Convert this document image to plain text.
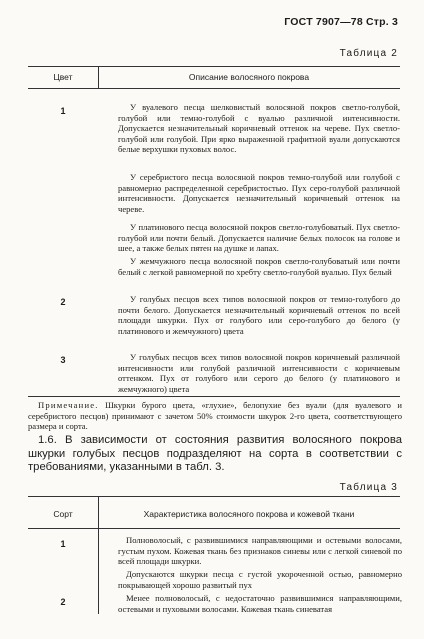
ГОСТ 7907—78 Стр. 3
Таблица 2
Цвет	Описание волосяного покрова
1	У вуалевого песца шелковистый волосяной покров светло-голубой, голубой или темно-голубой с вуалью различной интенсивности. Допускается незначительный коричневый оттенок на черевe. Пух светло-голубой или голубой. При ярко выраженной графитной вуали допускаются белые верхушки пуховых волос.
У серебристого песца волосяной покров темно-голубой или голубой с равномерно распределенной серебристостью. Пух серо-голубой различной интенсивности. Допускается незначительный коричневый оттенок на черевe.
У платинового песца волосяной покров светло-голубоватый. Пух светло-голубой или почти белый. Допускается наличие белых полосок на голове и шее, а также белых пятен на душке и лапах.
У жемчужного песца волосяной покров светло-голубоватый или почти белый с легкой равномерной по хребту светло-голубой вуалью. Пух белый
2	У голубых песцов всех типов волосяной покров от темно-голубого до почти белого. Допускается незначительный коричневый оттенок по всей площади шкурки. Пух от голубого или серо-голубого до белого (у платинового и жемчужного) цвета
3	У голубых песцов всех типов волосяной покров коричневый различной интенсивности или голубой различной интенсивности с коричневым оттенком. Пух от голубого или серого до белого (у платинового и жемчужного) цвета
Примечание. Шкурки бурого цвета, «глухие», белопухие без вуали (для вуалевого и серебристого песцов) принимают с зачетом 50% стоимости шкурок 2-го цвета, соответствующего размера и сорта.
1.6. В зависимости от состояния развития волосяного покрова шкурки голубых песцов подразделяют на сорта в соответствии с требованиями, указанными в табл. 3.
Таблица 3
Сорт	Характеристика волосяного покрова и кожевой ткани
1	Полноволосый, с развившимися направляющими и остевыми волосами, густым пухом. Кожевая ткань без признаков синевы или с легкой синевой по всей площади шкурки.
Допускаются шкурки песца с густой укороченной остью, равномерно покрывающей хорошо развитый пух
2	Менее полноволосый, с недостаточно развившимися направляющими, остевыми и пуховыми волосами. Кожевая ткань синеватая
